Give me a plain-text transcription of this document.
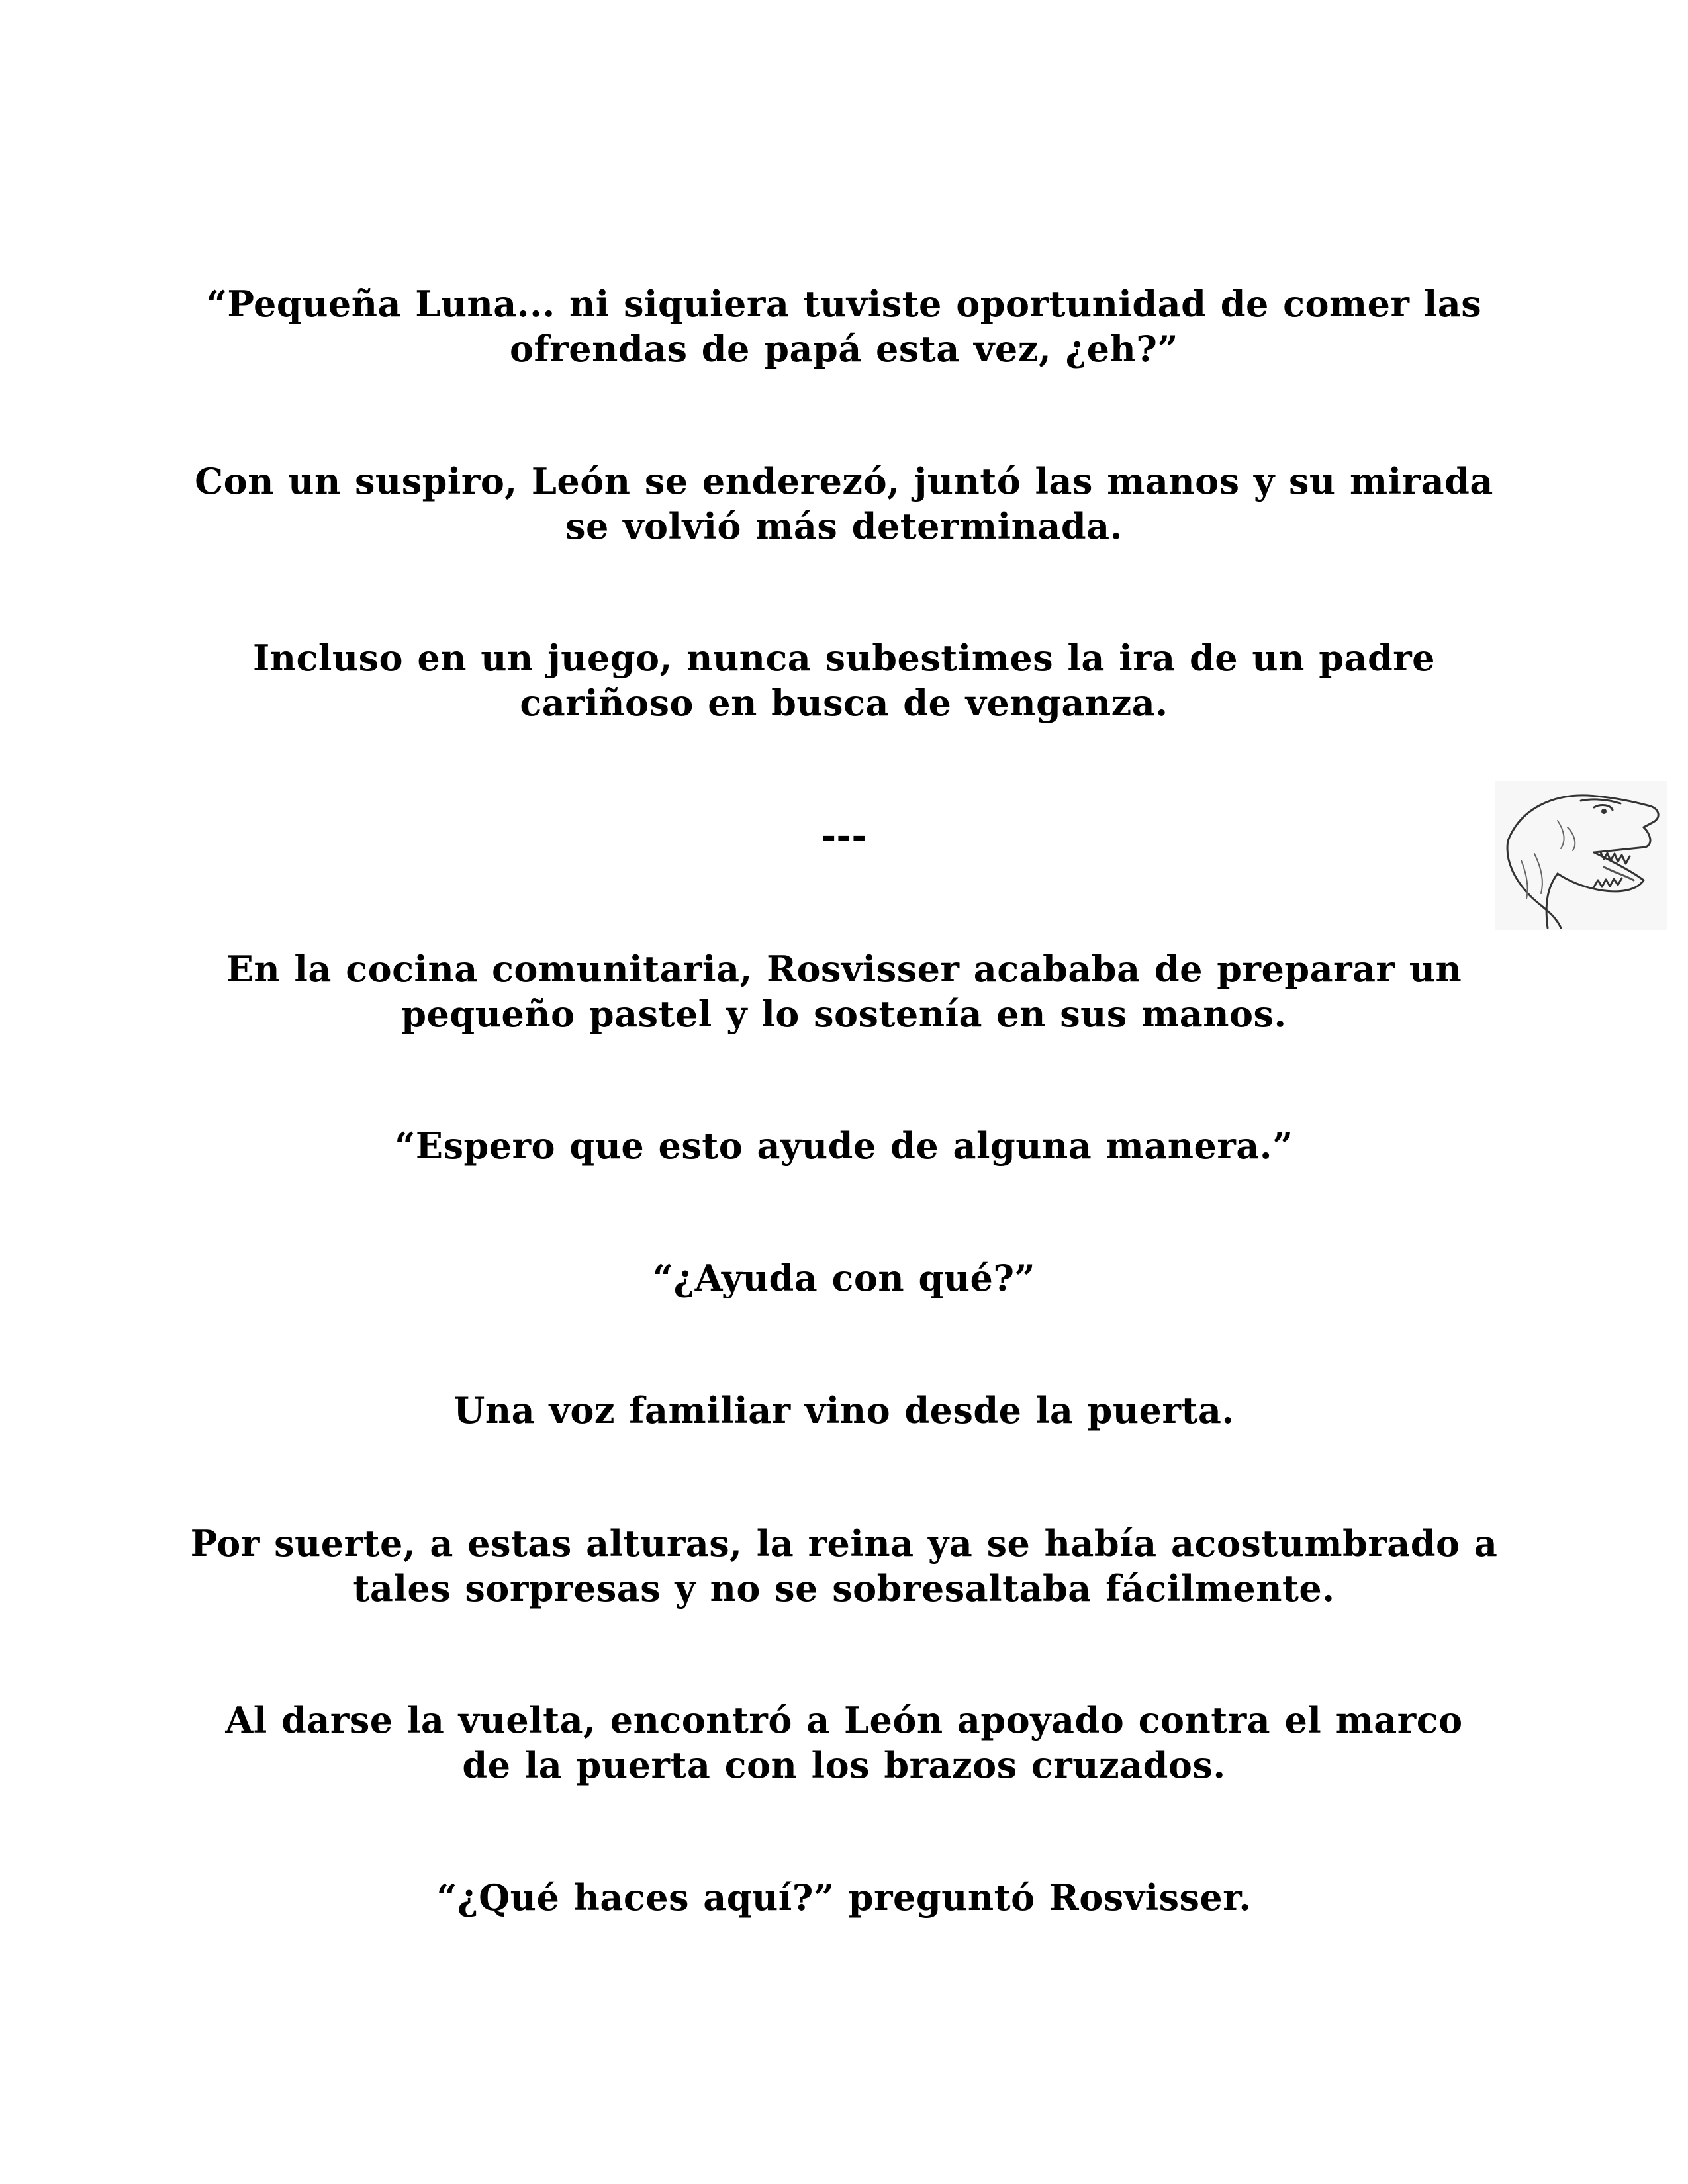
“Pequeña Luna... ni siquiera tuviste oportunidad de comer las
ofrendas de papá esta vez, ¿eh?”

Con un suspiro, León se enderezó, juntó las manos y su mirada
se volvió más determinada.

Incluso en un juego, nunca subestimes la ira de un padre
cariñoso en busca de venganza.

---

En la cocina comunitaria, Rosvisser acababa de preparar un
pequeño pastel y lo sostenía en sus manos.

“Espero que esto ayude de alguna manera.”

“¿Ayuda con qué?”

Una voz familiar vino desde la puerta.

Por suerte, a estas alturas, la reina ya se había acostumbrado a
tales sorpresas y no se sobresaltaba fácilmente.

Al darse la vuelta, encontró a León apoyado contra el marco
de la puerta con los brazos cruzados.

“¿Qué haces aquí?” preguntó Rosvisser.
